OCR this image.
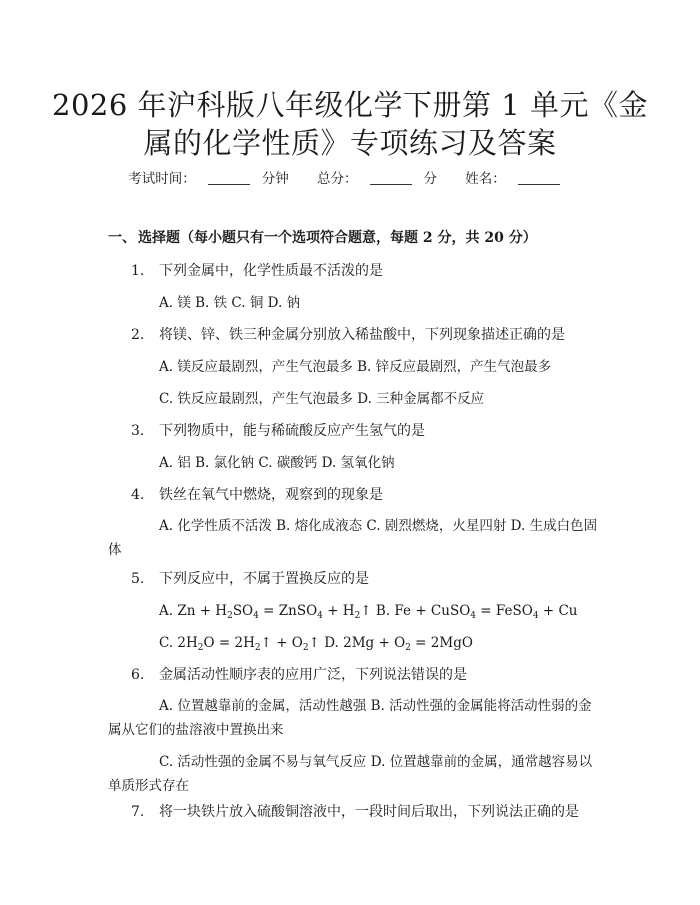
2026 年沪科版八年级化学下册第 1 单元《金
属的化学性质》专项练习及答案
考试时间：	分钟 总分：	分 姓名：
一、 选择题（每小题只有一个选项符合题意，每题 2 分，共 20 分）
1. 下列金属中，化学性质最不活泼的是
A. 镁 B. 铁 C. 铜 D. 钠
2. 将镁、锌、铁三种金属分别放入稀盐酸中，下列现象描述正确的是
A. 镁反应最剧烈，产生气泡最多 B. 锌反应最剧烈，产生气泡最多
C. 铁反应最剧烈，产生气泡最多 D. 三种金属都不反应
3. 下列物质中，能与稀硫酸反应产生氢气的是
A. 铝 B. 氯化钠 C. 碳酸钙 D. 氢氧化钠
4. 铁丝在氧气中燃烧，观察到的现象是
A. 化学性质不活泼 B. 熔化成液态 C. 剧烈燃烧，火星四射 D. 生成白色固体
5. 下列反应中，不属于置换反应的是
A. $Zn + H_2SO_4$ = ZnSO$_4$ + $H_2↑$ B. Fe + CuSO$_4$ = FeSO$_4$ + Cu
C. $2H_2O$ = $2H_2↑$ + $O_2↑$ D. $2Mg + O_2 = 2MgO$
6. 金属活动性顺序表的应用广泛，下列说法错误的是
A. 位置越靠前的金属，活动性越强 B. 活动性强的金属能将活动性弱的金属从它们的盐溶液中置换出来
C. 活动性强的金属不易与氧气反应 D. 位置越靠前的金属，通常越容易以单质形式存在
7. 将一块铁片放入硫酸铜溶液中，一段时间后取出，下列说法正确的是
